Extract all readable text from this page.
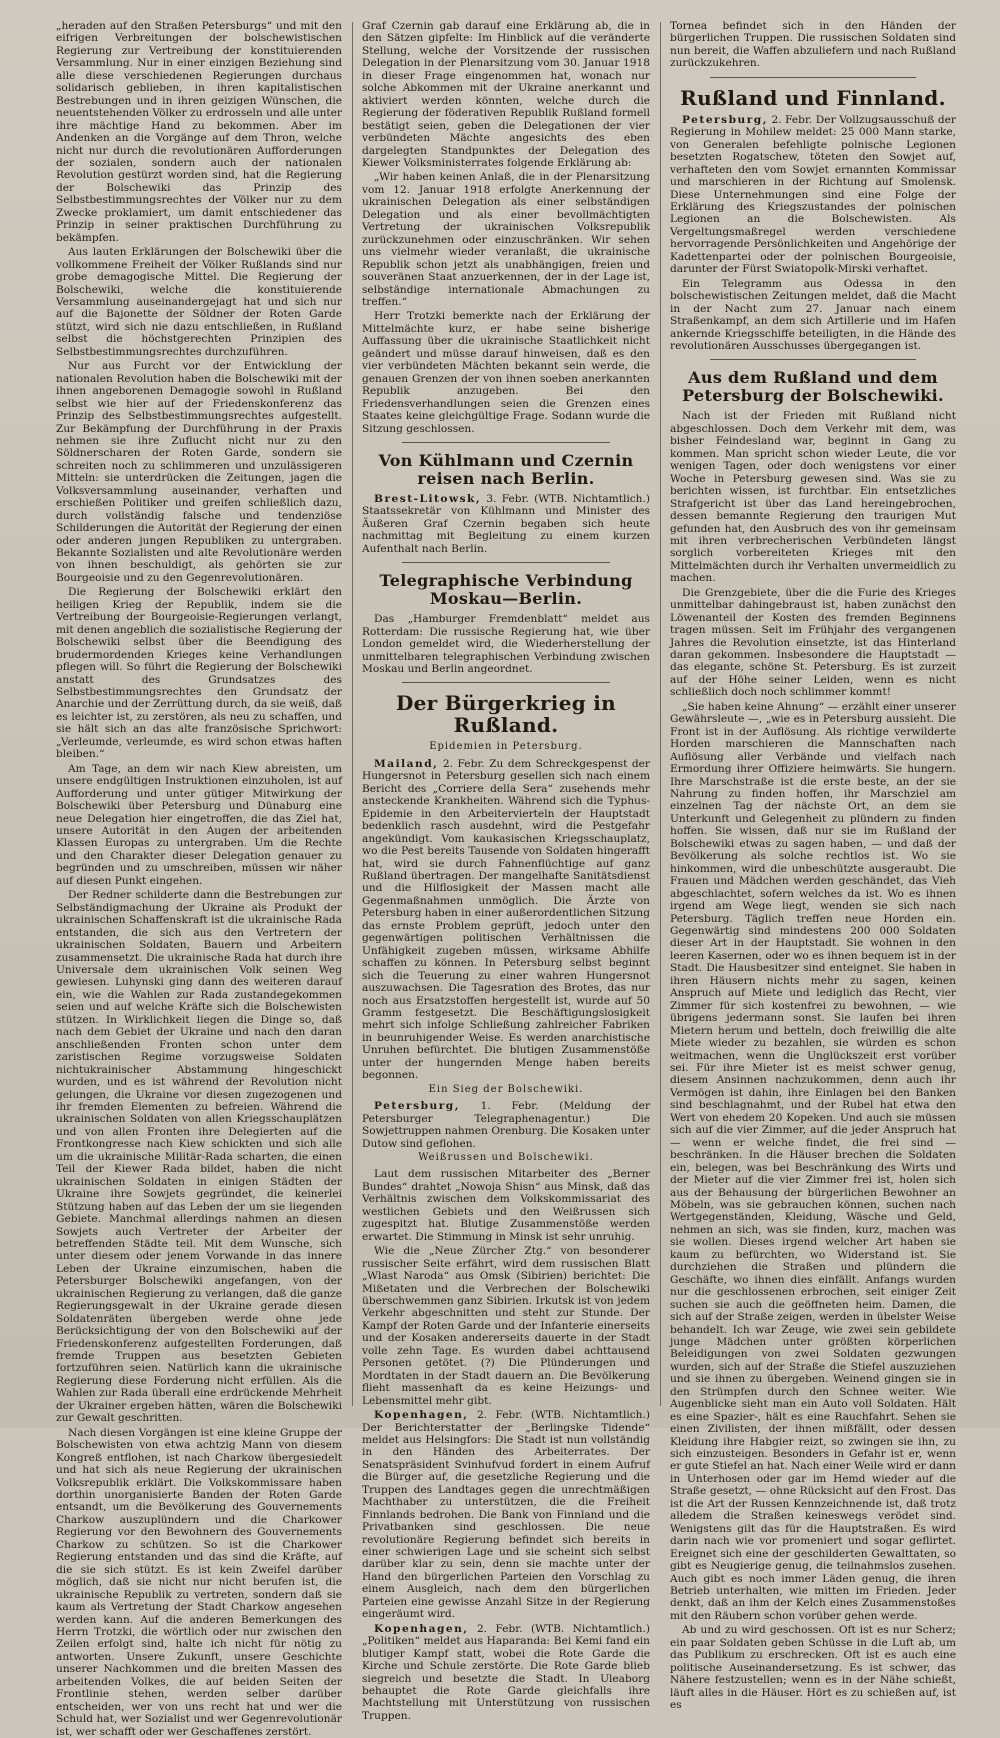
„heraden auf den Straßen Petersburgs“ und mit den eifrigen Verbreitungen der bolschewistischen Regierung zur Vertreibung der konstituierenden Versammlung. Nur in einer einzigen Beziehung sind alle diese verschiedenen Regierungen durchaus solidarisch geblieben, in ihren kapitalistischen Bestrebungen und in ihren geizigen Wünschen, die neuentstehenden Völker zu erdrosseln und alle unter ihre mächtige Hand zu bekommen. Aber im Andenken an die Vorgänge auf dem Thron, welche nicht nur durch die revolutionären Aufforderungen der sozialen, sondern auch der nationalen Revolution gestürzt worden sind, hat die Regierung der Bolschewiki das Prinzip des Selbstbestimmungsrechtes der Völker nur zu dem Zwecke proklamiert, um damit entschiedener das Prinzip in seiner praktischen Durchführung zu bekämpfen.

Aus lauten Erklärungen der Bolschewiki über die vollkommene Freiheit der Völker Rußlands sind nur grobe demagogische Mittel. Die Regierung der Bolschewiki, welche die konstituierende Versammlung auseinandergejagt hat und sich nur auf die Bajonette der Söldner der Roten Garde stützt, wird sich nie dazu entschließen, in Rußland selbst die höchstgerechten Prinzipien des Selbstbestimmungsrechtes durchzuführen.

Nur aus Furcht vor der Entwicklung der nationalen Revolution haben die Bolschewiki mit der ihnen angeborenen Demagogie sowohl in Rußland selbst wie hier auf der Friedenskonferenz das Prinzip des Selbstbestimmungsrechtes aufgestellt. Zur Bekämpfung der Durchführung in der Praxis nehmen sie ihre Zuflucht nicht nur zu den Söldnerscharen der Roten Garde, sondern sie schreiten noch zu schlimmeren und unzulässigeren Mitteln: sie unterdrücken die Zeitungen, jagen die Volksversammlung auseinander, verhaften und erschießen Politiker und greifen schließlich dazu, durch vollständig falsche und tendenziöse Schilderungen die Autorität der Regierung der einen oder anderen jungen Republiken zu untergraben. Bekannte Sozialisten und alte Revolutionäre werden von ihnen beschuldigt, als gehörten sie zur Bourgeoisie und zu den Gegenrevolutionären.

Die Regierung der Bolschewiki erklärt den heiligen Krieg der Republik, indem sie die Vertreibung der Bourgeoisie-Regierungen verlangt, mit denen angeblich die sozialistische Regierung der Bolschewiki selbst über die Beendigung des brudermordenden Krieges keine Verhandlungen pflegen will. So führt die Regierung der Bolschewiki anstatt des Grundsatzes des Selbstbestimmungsrechtes den Grundsatz der Anarchie und der Zerrüttung durch, da sie weiß, daß es leichter ist, zu zerstören, als neu zu schaffen, und sie hält sich an das alte französische Sprichwort: „Verleumde, verleumde, es wird schon etwas haften bleiben.“

Am Tage, an dem wir nach Kiew abreisten, um unsere endgültigen Instruktionen einzuholen, ist auf Aufforderung und unter gütiger Mitwirkung der Bolschewiki über Petersburg und Dünaburg eine neue Delegation hier eingetroffen, die das Ziel hat, unsere Autorität in den Augen der arbeitenden Klassen Europas zu untergraben. Um die Rechte und den Charakter dieser Delegation genauer zu begründen und zu umschreiben, müssen wir näher auf diesen Punkt eingehen.

Der Redner schilderte dann die Bestrebungen zur Selbständigmachung der Ukraine als Produkt der ukrainischen Schaffenskraft ist die ukrainische Rada entstanden, die sich aus den Vertretern der ukrainischen Soldaten, Bauern und Arbeitern zusammensetzt. Die ukrainische Rada hat durch ihre Universale dem ukrainischen Volk seinen Weg gewiesen. Luhynski ging dann des weiteren darauf ein, wie die Wahlen zur Rada zustandegekommen seien und auf welche Kräfte sich die Bolschewisten stützen. In Wirklichkeit liegen die Dinge so, daß nach dem Gebiet der Ukraine und nach den daran anschließenden Fronten schon unter dem zaristischen Regime vorzugsweise Soldaten nichtukrainischer Abstammung hingeschickt wurden, und es ist während der Revolution nicht gelungen, die Ukraine vor diesen zugezogenen und ihr fremden Elementen zu befreien. Während die ukrainischen Soldaten von allen Kriegsschauplätzen und von allen Fronten ihre Delegierten auf die Frontkongresse nach Kiew schickten und sich alle um die ukrainische Militär-Rada scharten, die einen Teil der Kiewer Rada bildet, haben die nicht ukrainischen Soldaten in einigen Städten der Ukraine ihre Sowjets gegründet, die keinerlei Stützung haben auf das Leben der um sie liegenden Gebiete. Manchmal allerdings nahmen an diesen Sowjets auch Vertreter der Arbeiter der betreffenden Städte teil. Mit dem Wunsche, sich unter diesem oder jenem Vorwande in das innere Leben der Ukraine einzumischen, haben die Petersburger Bolschewiki angefangen, von der ukrainischen Regierung zu verlangen, daß die ganze Regierungsgewalt in der Ukraine gerade diesen Soldatenräten übergeben werde ohne jede Berücksichtigung der von den Bolschewiki auf der Friedenskonferenz aufgestellten Forderungen, daß fremde Truppen aus besetzten Gebieten fortzuführen seien. Natürlich kann die ukrainische Regierung diese Forderung nicht erfüllen. Als die Wahlen zur Rada überall eine erdrückende Mehrheit der Ukrainer ergeben hätten, wären die Bolschewiki zur Gewalt geschritten.

Nach diesen Vorgängen ist eine kleine Gruppe der Bolschewisten von etwa achtzig Mann von diesem Kongreß entflohen, ist nach Charkow übergesiedelt und hat sich als neue Regierung der ukrainischen Volksrepublik erklärt. Die Volkskommissare haben dorthin unorganisierte Banden der Roten Garde entsandt, um die Bevölkerung des Gouvernements Charkow auszuplündern und die Charkower Regierung vor den Bewohnern des Gouvernements Charkow zu schützen. So ist die Charkower Regierung entstanden und das sind die Kräfte, auf die sie sich stützt. Es ist kein Zweifel darüber möglich, daß sie nicht nur nicht berufen ist, die ukrainische Republik zu vertreten, sondern daß sie kaum als Vertretung der Stadt Charkow angesehen werden kann. Auf die anderen Bemerkungen des Herrn Trotzki, die wörtlich oder nur zwischen den Zeilen erfolgt sind, halte ich nicht für nötig zu antworten. Unsere Zukunft, unsere Geschichte unserer Nachkommen und die breiten Massen des arbeitenden Volkes, die auf beiden Seiten der Frontlinie stehen, werden selber darüber entscheiden, wer von uns recht hat und wer die Schuld hat, wer Sozialist und wer Gegenrevolutionär ist, wer schafft oder wer Geschaffenes zerstört.

Graf Czernin gab darauf eine Erklärung ab, die in den Sätzen gipfelte: Im Hinblick auf die veränderte Stellung, welche der Vorsitzende der russischen Delegation in der Plenarsitzung vom 30. Januar 1918 in dieser Frage eingenommen hat, wonach nur solche Abkommen mit der Ukraine anerkannt und aktiviert werden könnten, welche durch die Regierung der föderativen Republik Rußland formell bestätigt seien, geben die Delegationen der vier verbündeten Mächte angesichts des eben dargelegten Standpunktes der Delegation des Kiewer Volksministerrates folgende Erklärung ab:

„Wir haben keinen Anlaß, die in der Plenarsitzung vom 12. Januar 1918 erfolgte Anerkennung der ukrainischen Delegation als einer selbständigen Delegation und als einer bevollmächtigten Vertretung der ukrainischen Volksrepublik zurückzunehmen oder einzuschränken. Wir sehen uns vielmehr wieder veranlaßt, die ukrainische Republik schon jetzt als unabhängigen, freien und souveränen Staat anzuerkennen, der in der Lage ist, selbständige internationale Abmachungen zu treffen.“

Herr Trotzki bemerkte nach der Erklärung der Mittelmächte kurz, er habe seine bisherige Auffassung über die ukrainische Staatlichkeit nicht geändert und müsse darauf hinweisen, daß es den vier verbündeten Mächten bekannt sein werde, die genauen Grenzen der von ihnen soeben anerkannten Republik anzugeben. Bei den Friedensverhandlungen seien die Grenzen eines Staates keine gleichgültige Frage. Sodann wurde die Sitzung geschlossen.

Von Kühlmann und Czernin reisen nach Berlin.

Brest-Litowsk, 3. Febr. (WTB. Nichtamtlich.) Staatssekretär von Kühlmann und Minister des Äußeren Graf Czernin begaben sich heute nachmittag mit Begleitung zu einem kurzen Aufenthalt nach Berlin.

Telegraphische Verbindung Moskau—Berlin.

Das „Hamburger Fremdenblatt“ meldet aus Rotterdam: Die russische Regierung hat, wie über London gemeldet wird, die Wiederherstellung der unmittelbaren telegraphischen Verbindung zwischen Moskau und Berlin angeordnet.

Der Bürgerkrieg in Rußland.
Epidemien in Petersburg.

Mailand, 2. Febr. Zu dem Schreckgespenst der Hungersnot in Petersburg gesellen sich nach einem Bericht des „Corriere della Sera“ zusehends mehr ansteckende Krankheiten. Während sich die Typhus-Epidemie in den Arbeitervierteln der Hauptstadt bedenklich rasch ausdehnt, wird die Pestgefahr angekündigt. Vom kaukasischen Kriegsschauplatz, wo die Pest bereits Tausende von Soldaten hingerafft hat, wird sie durch Fahnenflüchtige auf ganz Rußland übertragen. Der mangelhafte Sanitätsdienst und die Hilflosigkeit der Massen macht alle Gegenmaßnahmen unmöglich. Die Ärzte von Petersburg haben in einer außerordentlichen Sitzung das ernste Problem geprüft, jedoch unter den gegenwärtigen politischen Verhältnissen die Unfähigkeit zugeben müssen, wirksame Abhilfe schaffen zu können. In Petersburg selbst beginnt sich die Teuerung zu einer wahren Hungersnot auszuwachsen. Die Tagesration des Brotes, das nur noch aus Ersatzstoffen hergestellt ist, wurde auf 50 Gramm festgesetzt. Die Beschäftigungslosigkeit mehrt sich infolge Schließung zahlreicher Fabriken in beunruhigender Weise. Es werden anarchistische Unruhen befürchtet. Die blutigen Zusammenstöße unter der hungernden Menge haben bereits begonnen.

Ein Sieg der Bolschewiki.

Petersburg, 1. Febr. (Meldung der Petersburger Telegraphenagentur.) Die Sowjettruppen nahmen Orenburg. Die Kosaken unter Dutow sind geflohen.

Weißrussen und Bolschewiki.

Laut dem russischen Mitarbeiter des „Berner Bundes“ drahtet „Nowoja Shisn“ aus Minsk, daß das Verhältnis zwischen dem Volkskommissariat des westlichen Gebiets und den Weißrussen sich zugespitzt hat. Blutige Zusammenstöße werden erwartet. Die Stimmung in Minsk ist sehr unruhig.

Wie die „Neue Zürcher Ztg.“ von besonderer russischer Seite erfährt, wird dem russischen Blatt „Wlast Naroda“ aus Omsk (Sibirien) berichtet: Die Mißetaten und die Verbrechen der Bolschewiki überschwemmen ganz Sibirien. Irkutsk ist von jedem Verkehr abgeschnitten und steht zur Stunde. Der Kampf der Roten Garde und der Infanterie einerseits und der Kosaken andererseits dauerte in der Stadt volle zehn Tage. Es wurden dabei achttausend Personen getötet. (?) Die Plünderungen und Mordtaten in der Stadt dauern an. Die Bevölkerung flieht massenhaft da es keine Heizungs- und Lebensmittel mehr gibt.

Kopenhagen, 2. Febr. (WTB. Nichtamtlich.) Der Berichterstatter der „Berlingske Tidende“ meldet aus Helsingfors: Die Stadt ist nun vollständig in den Händen des Arbeiterrates. Der Senatspräsident Svinhufvud fordert in einem Aufruf die Bürger auf, die gesetzliche Regierung und die Truppen des Landtages gegen die unrechtmäßigen Machthaber zu unterstützen, die die Freiheit Finnlands bedrohen. Die Bank von Finnland und die Privatbanken sind geschlossen. Die neue revolutionäre Regierung befindet sich bereits in einer schwierigen Lage und sie scheint sich selbst darüber klar zu sein, denn sie machte unter der Hand den bürgerlichen Parteien den Vorschlag zu einem Ausgleich, nach dem den bürgerlichen Parteien eine gewisse Anzahl Sitze in der Regierung eingeräumt wird.

Kopenhagen, 2. Febr. (WTB. Nichtamtlich.) „Politiken“ meldet aus Haparanda: Bei Kemi fand ein blutiger Kampf statt, wobei die Rote Garde die Kirche und Schule zerstörte. Die Rote Garde blieb siegreich und besetzte die Stadt. In Uleaborg behauptet die Rote Garde gleichfalls ihre Machtstellung mit Unterstützung von russischen Truppen.

Tornea befindet sich in den Händen der bürgerlichen Truppen. Die russischen Soldaten sind nun bereit, die Waffen abzuliefern und nach Rußland zurückzukehren.

Rußland und Finnland.

Petersburg, 2. Febr. Der Vollzugsausschuß der Regierung in Mohilew meldet: 25 000 Mann starke, von Generalen befehligte polnische Legionen besetzten Rogatschew, töteten den Sowjet auf, verhafteten den vom Sowjet ernannten Kommissar und marschieren in der Richtung auf Smolensk. Diese Unternehmungen sind eine Folge der Erklärung des Kriegszustandes der polnischen Legionen an die Bolschewisten. Als Vergeltungsmaßregel werden verschiedene hervorragende Persönlichkeiten und Angehörige der Kadettenpartei oder der polnischen Bourgeoisie, darunter der Fürst Swiatopolk-Mirski verhaftet.

Ein Telegramm aus Odessa in den bolschewistischen Zeitungen meldet, daß die Macht in der Nacht zum 27. Januar nach einem Straßenkampf, an dem sich Artillerie und im Hafen ankernde Kriegsschiffe beteiligten, in die Hände des revolutionären Ausschusses übergegangen ist.

Aus dem Rußland und dem Petersburg der Bolschewiki.

Nach ist der Frieden mit Rußland nicht abgeschlossen. Doch dem Verkehr mit dem, was bisher Feindesland war, beginnt in Gang zu kommen. Man spricht schon wieder Leute, die vor wenigen Tagen, oder doch wenigstens vor einer Woche in Petersburg gewesen sind. Was sie zu berichten wissen, ist furchtbar. Ein entsetzliches Strafgericht ist über das Land hereingebrochen, dessen bemannte Regierung den traurigen Mut gefunden hat, den Ausbruch des von ihr gemeinsam mit ihren verbrecherischen Verbündeten längst sorglich vorbereiteten Krieges mit den Mittelmächten durch ihr Verhalten unvermeidlich zu machen.

Die Grenzgebiete, über die die Furie des Krieges unmittelbar dahingebraust ist, haben zunächst den Löwenanteil der Kosten des fremden Beginnens tragen müssen. Seit im Frühjahr des vergangenen Jahres die Revolution einsetzte, ist das Hinterland daran gekommen. Insbesondere die Hauptstadt — das elegante, schöne St. Petersburg. Es ist zurzeit auf der Höhe seiner Leiden, wenn es nicht schließlich doch noch schlimmer kommt!

„Sie haben keine Ahnung“ — erzählt einer unserer Gewährsleute —, „wie es in Petersburg aussieht. Die Front ist in der Auflösung. Als richtige verwilderte Horden marschieren die Mannschaften nach Auflösung aller Verbände und vielfach nach Ermordung ihrer Offiziere heimwärts. Sie hungern. Ihre Marschstraße ist die erste beste, an der sie Nahrung zu finden hoffen, ihr Marschziel am einzelnen Tag der nächste Ort, an dem sie Unterkunft und Gelegenheit zu plündern zu finden hoffen. Sie wissen, daß nur sie im Rußland der Bolschewiki etwas zu sagen haben, — und daß der Bevölkerung als solche rechtlos ist. Wo sie hinkommen, wird die unbeschützte ausgeraubt. Die Frauen und Mädchen werden geschändet, das Vieh abgeschlachtet, sofern welches da ist. Wo es ihnen irgend am Wege liegt, wenden sie sich nach Petersburg. Täglich treffen neue Horden ein. Gegenwärtig sind mindestens 200 000 Soldaten dieser Art in der Hauptstadt. Sie wohnen in den leeren Kasernen, oder wo es ihnen bequem ist in der Stadt. Die Hausbesitzer sind enteignet. Sie haben in ihren Häusern nichts mehr zu sagen, keinen Anspruch auf Miete und lediglich das Recht, vier Zimmer für sich kostenfrei zu bewohnen, — wie übrigens jedermann sonst. Sie laufen bei ihren Mietern herum und betteln, doch freiwillig die alte Miete wieder zu bezahlen, sie würden es schon weitmachen, wenn die Unglückszeit erst vorüber sei. Für ihre Mieter ist es meist schwer genug, diesem Ansinnen nachzukommen, denn auch ihr Vermögen ist dahin, ihre Einlagen bei den Banken sind beschlagnahmt, und der Rubel hat etwa den Wert von ehedem 20 Kopeken. Und auch sie müssen sich auf die vier Zimmer, auf die jeder Anspruch hat — wenn er welche findet, die frei sind — beschränken. In die Häuser brechen die Soldaten ein, belegen, was bei Beschränkung des Wirts und der Mieter auf die vier Zimmer frei ist, holen sich aus der Behausung der bürgerlichen Bewohner an Möbeln, was sie gebrauchen können, suchen nach Wertgegenständen, Kleidung, Wäsche und Geld, nehmen an sich, was sie finden, kurz, machen was sie wollen. Dieses irgend welcher Art haben sie kaum zu befürchten, wo Widerstand ist. Sie durchziehen die Straßen und plündern die Geschäfte, wo ihnen dies einfällt. Anfangs wurden nur die geschlossenen erbrochen, seit einiger Zeit suchen sie auch die geöffneten heim. Damen, die sich auf der Straße zeigen, werden in übelster Weise behandelt. Ich war Zeuge, wie zwei sein gebildete junge Mädchen unter größten körperlichen Beleidigungen von zwei Soldaten gezwungen wurden, sich auf der Straße die Stiefel auszuziehen und sie ihnen zu übergeben. Weinend gingen sie in den Strümpfen durch den Schnee weiter. Wie Augenblicke sieht man ein Auto voll Soldaten. Hält es eine Spazier-, hält es eine Rauchfahrt. Sehen sie einen Zivilisten, der ihnen mißfällt, oder dessen Kleidung ihre Habgier reizt, so zwingen sie ihn, zu sich einzusteigen. Besonders in Gefahr ist er, wenn er gute Stiefel an hat. Nach einer Weile wird er dann in Unterhosen oder gar im Hemd wieder auf die Straße gesetzt, — ohne Rücksicht auf den Frost. Das ist die Art der Russen Kennzeichnende ist, daß trotz alledem die Straßen keineswegs verödet sind. Wenigstens gilt das für die Hauptstraßen. Es wird darin nach wie vor promeniert und sogar geflirtet. Ereignet sich eine der geschilderten Gewalttaten, so gibt es Neugierige genug, die teilnahmslos zusehen. Auch gibt es noch immer Läden genug, die ihren Betrieb unterhalten, wie mitten im Frieden. Jeder denkt, daß an ihm der Kelch eines Zusammenstoßes mit den Räubern schon vorüber gehen werde.

Ab und zu wird geschossen. Oft ist es nur Scherz; ein paar Soldaten geben Schüsse in die Luft ab, um das Publikum zu erschrecken. Oft ist es auch eine politische Auseinandersetzung. Es ist schwer, das Nähere festzustellen; wenn es in der Nähe schießt, läuft alles in die Häuser. Hört es zu schießen auf, ist es
